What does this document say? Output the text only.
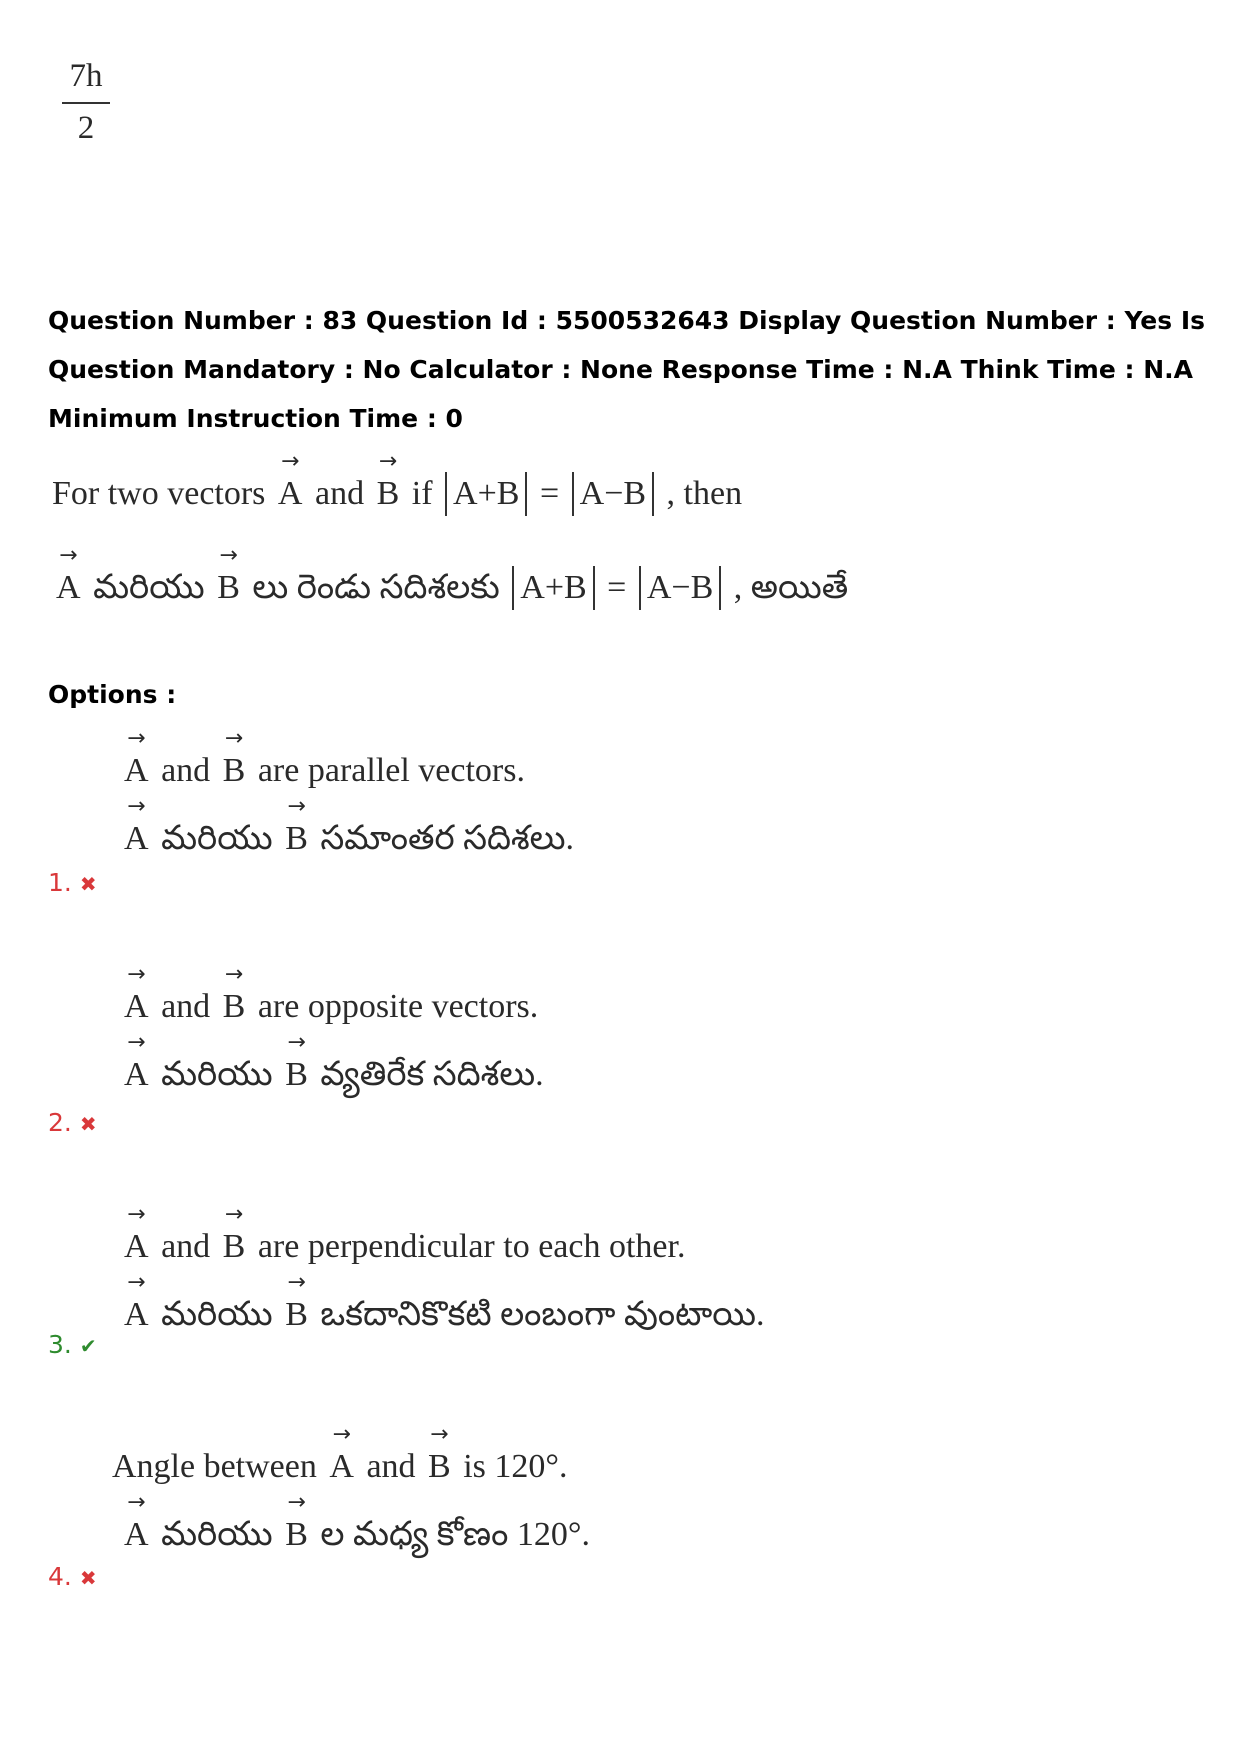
7h
2
Question Number : 83 Question Id : 5500532643 Display Question Number : Yes Is Question Mandatory : No Calculator : None Response Time : N.A Think Time : N.A Minimum Instruction Time : 0
For two vectors → A and → B if A+B = A−B , then
→ A మరియు → B లు రెండు సదిశలకు A+B = A−B , అయితే
Options :
→ A and → B are parallel vectors.
→ A మరియు → B సమాంతర సదిశలు.
1. ✖
→ A and → B are opposite vectors.
→ A మరియు → B వ్యతిరేక సదిశలు.
2. ✖
→ A and → B are perpendicular to each other.
→ A మరియు → B ఒకదానికొకటి లంబంగా వుంటాయి.
3. ✔
Angle between → A and → B is 120°.
→ A మరియు → B ల మధ్య కోణం 120°.
4. ✖
